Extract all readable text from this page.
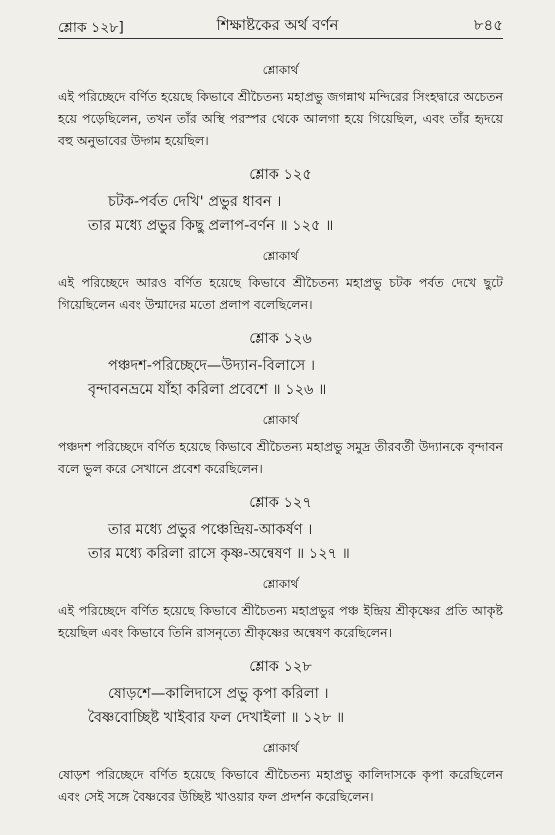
শ্লোক ১২৮]	শিক্ষাষ্টকের অর্থ বর্ণন	৮৪৫

শ্লোকার্থ

এই পরিচ্ছেদে বর্ণিত হয়েছে কিভাবে শ্রীচৈতন্য মহাপ্রভু জগন্নাথ মন্দিরের সিংহদ্বারে অচেতন হয়ে পড়েছিলেন, তখন তাঁর অস্থি পরস্পর থেকে আলগা হয়ে গিয়েছিল, এবং তাঁর হৃদয়ে বহু অনুভাবের উদ্গম হয়েছিল।

শ্লোক ১২৫

চটক-পর্বত দেখি' প্রভুর ধাবন ।

তার মধ্যে প্রভুর কিছু প্রলাপ-বর্ণন ॥ ১২৫ ॥

শ্লোকার্থ

এই পরিচ্ছেদে আরও বর্ণিত হয়েছে কিভাবে শ্রীচৈতন্য মহাপ্রভু চটক পর্বত দেখে ছুটে গিয়েছিলেন এবং উন্মাদের মতো প্রলাপ বলেছিলেন।

শ্লোক ১২৬

পঞ্চদশ-পরিচ্ছেদে—উদ্যান-বিলাসে ।

বৃন্দাবনভ্রমে যাঁহা করিলা প্রবেশে ॥ ১২৬ ॥

শ্লোকার্থ

পঞ্চদশ পরিচ্ছেদে বর্ণিত হয়েছে কিভাবে শ্রীচৈতন্য মহাপ্রভু সমুদ্র তীরবর্তী উদ্যানকে বৃন্দাবন বলে ভুল করে সেখানে প্রবেশ করেছিলেন।

শ্লোক ১২৭

তার মধ্যে প্রভুর পঞ্চেন্দ্রিয়-আকর্ষণ ।

তার মধ্যে করিলা রাসে কৃষ্ণ-অন্বেষণ ॥ ১২৭ ॥

শ্লোকার্থ

এই পরিচ্ছেদে বর্ণিত হয়েছে কিভাবে শ্রীচৈতন্য মহাপ্রভুর পঞ্চ ইন্দ্রিয় শ্রীকৃষ্ণের প্রতি আকৃষ্ট হয়েছিল এবং কিভাবে তিনি রাসনৃত্যে শ্রীকৃষ্ণের অন্বেষণ করেছিলেন।

শ্লোক ১২৮

ষোড়শে—কালিদাসে প্রভু কৃপা করিলা ।

বৈষ্ণবোচ্ছিষ্ট খাইবার ফল দেখাইলা ॥ ১২৮ ॥

শ্লোকার্থ

ষোড়শ পরিচ্ছেদে বর্ণিত হয়েছে কিভাবে শ্রীচৈতন্য মহাপ্রভু কালিদাসকে কৃপা করেছিলেন এবং সেই সঙ্গে বৈষ্ণবের উচ্ছিষ্ট খাওয়ার ফল প্রদর্শন করেছিলেন।
